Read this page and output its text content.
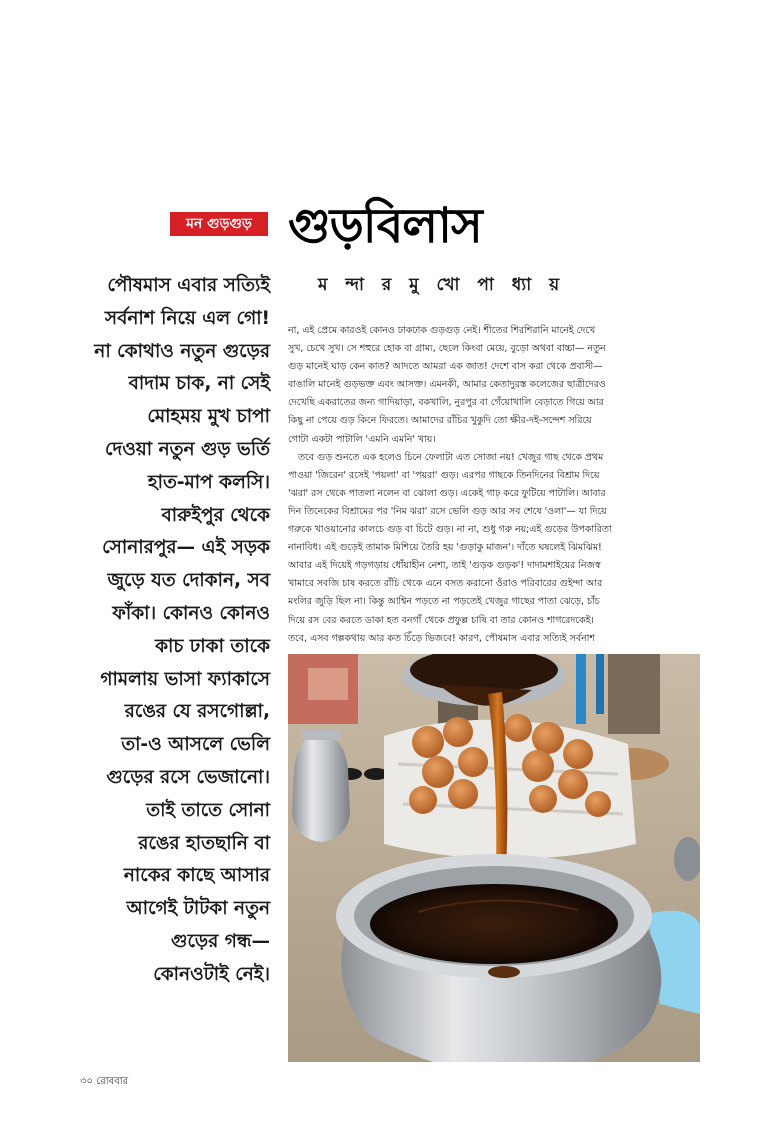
মন গুড়গুড় গুড়বিলাস
ম ন্দা র মু খো পা ধ্যা য়
পৌষমাস এবার সত্যিই
সর্বনাশ নিয়ে এল গো!
না কোথাও নতুন গুড়ের
বাদাম চাক, না সেই
মোহময় মুখ চাপা
দেওয়া নতুন গুড় ভর্তি
হাত-মাপ কলসি।
বারুইপুর থেকে
সোনারপুর— এই সড়ক
জুড়ে যত দোকান, সব
ফাঁকা। কোনও কোনও
কাচ ঢাকা তাকে
গামলায় ভাসা ফ্যাকাসে
রঙের যে রসগোল্লা,
তা-ও আসলে ভেলি
গুড়ের রসে ভেজানো।
তাই তাতে সোনা
রঙের হাতছানি বা
নাকের কাছে আসার
আগেই টাটকা নতুন
গুড়ের গন্ধ—
কোনওটাই নেই।
না, এই প্রেমে কারওই কোনও ঢাকঢাক গুড়গুড় নেই। শীতের শিরশিরানি মানেই দেখে
সুখ, চেখে সুখ। সে শহুরে হোক বা গ্রাম্য, ছেলে কিংবা মেয়ে, বুড়ো অথবা বাচ্চা— নতুন
গুড় মানেই ঘাড় কেন কাত? আদতে আমরা এক জাত! দেশে বাস করা থেকে প্রবাসী—
বাঙালি মানেই গুড়ভক্ত এবং আসক্ত। এমনকী, আমার কেতাদুরস্ত কলেজের ছাত্রীদেরও
দেখেছি একরাতের জন্য গাদিয়াড়া, বকখালি, নুরপুর বা গেঁয়োখালি বেড়াতে গিয়ে আর
কিছু না পেয়ে গুড় কিনে ফিরতে। আমাদের রাঁচির খুকুদি তো ক্ষীর-দই-সন্দেশ সরিয়ে
গোটা একটা পাটালি 'এমনি এমনি' খায়।
তবে গুড় শুনতে এক হলেও চিনে ফেলাটা এত সোজা নয়! খেজুর গাছ থেকে প্রথম
পাওয়া 'জিরেন' রসেই 'পয়লা' বা 'পয়রা' গুড়। এরপর গাছকে তিনদিনের বিশ্রাম দিয়ে
'ঝরা' রস থেকে পাতলা নলেন বা ঝোলা গুড়। একেই গাঢ় করে ফুটিয়ে পাটালি। আবার
দিন তিনেকের বিশ্রামের পর 'নিম ঝরা' রসে ভেলি গুড় আর সব শেষে 'ওলা'— যা দিয়ে
গরুকে খাওয়ানোর কালচে গুড় বা চিটে গুড়। না না, শুধু গরু নয়;এই গুড়ের উপকারিতা
নানাবিধ। এই গুড়েই তামাক মিশিয়ে তৈরি হয় 'গুড়াকু মাজন'। দাঁতে ঘষলেই ঝিমঝিম!
আবার এই দিয়েই গড়গড়ায় ধোঁয়াহীন নেশা, তাই 'গুড়ক গুড়ক'! দাদামশাইয়ের নিজস্ব
খামারে সবজি চাষ করতে রাঁচি থেকে এনে বসত করানো ওঁরাও পরিবারের গুইন্দা আর
মংলির জুড়ি ছিল না। কিন্তু আশ্বিন পড়তে না পড়তেই খেজুর গাছের পাতা ঝেড়ে, চাঁচ
দিয়ে রস বের করতে ডাকা হত বনগাঁ থেকে প্রফুল্ল চাষি বা তার কোনও শাগরেদকেই।
তবে, এসব গল্পকথায় আর কত চিঁড়ে ভিজবে! কারণ, পৌষমাস এবার সত্যিই সর্বনাশ
৩০ রোববার
